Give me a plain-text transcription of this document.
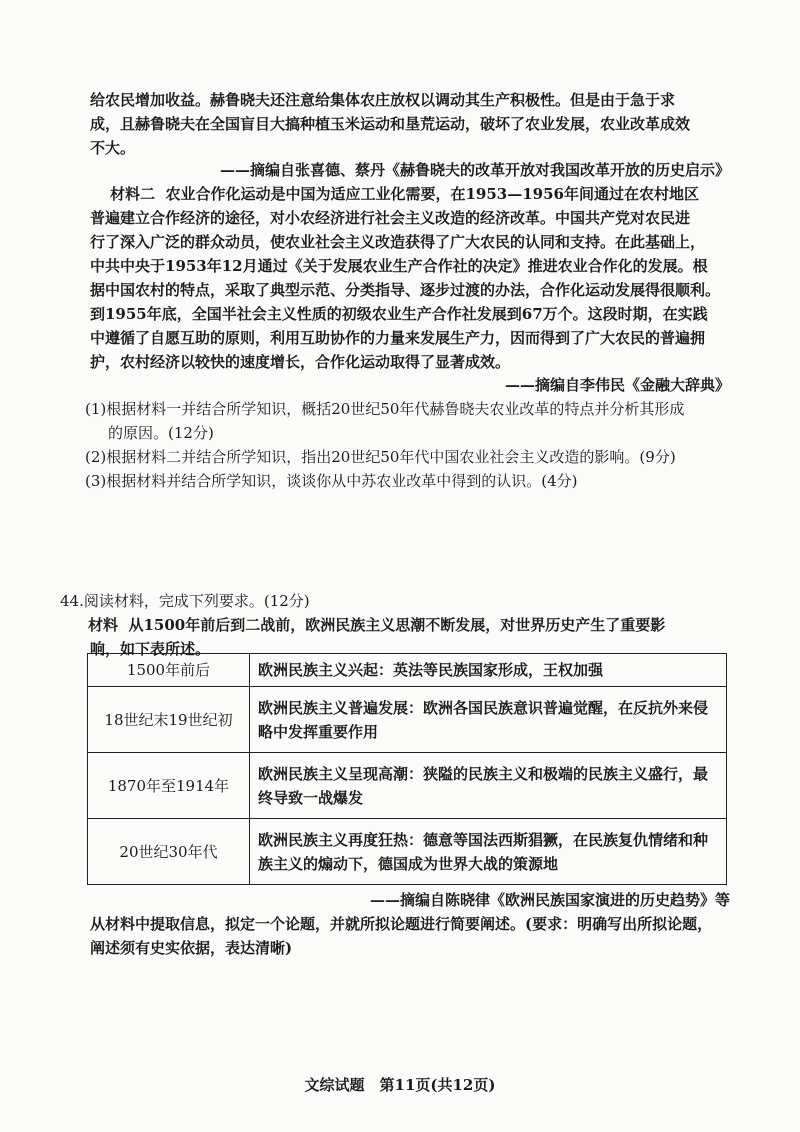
给农民增加收益。赫鲁晓夫还注意给集体农庄放权以调动其生产积极性。但是由于急于求
成，且赫鲁晓夫在全国盲目大搞种植玉米运动和垦荒运动，破坏了农业发展，农业改革成效
不大。
——摘编自张喜德、蔡丹《赫鲁晓夫的改革开放对我国改革开放的历史启示》
材料二 农业合作化运动是中国为适应工业化需要，在1953—1956年间通过在农村地区
普遍建立合作经济的途径，对小农经济进行社会主义改造的经济改革。中国共产党对农民进
行了深入广泛的群众动员，使农业社会主义改造获得了广大农民的认同和支持。在此基础上，
中共中央于1953年12月通过《关于发展农业生产合作社的决定》推进农业合作化的发展。根
据中国农村的特点，采取了典型示范、分类指导、逐步过渡的办法，合作化运动发展得很顺利。
到1955年底，全国半社会主义性质的初级农业生产合作社发展到67万个。这段时期，在实践
中遵循了自愿互助的原则，利用互助协作的力量来发展生产力，因而得到了广大农民的普遍拥
护，农村经济以较快的速度增长，合作化运动取得了显著成效。
——摘编自李伟民《金融大辞典》
(1)根据材料一并结合所学知识，概括20世纪50年代赫鲁晓夫农业改革的特点并分析其形成
的原因。(12分)
(2)根据材料二并结合所学知识，指出20世纪50年代中国农业社会主义改造的影响。(9分)
(3)根据材料并结合所学知识，谈谈你从中苏农业改革中得到的认识。(4分)
44.阅读材料，完成下列要求。(12分)
材料 从1500年前后到二战前，欧洲民族主义思潮不断发展，对世界历史产生了重要影
响，如下表所述。
1500年前后	欧洲民族主义兴起：英法等民族国家形成，王权加强
18世纪末19世纪初	欧洲民族主义普遍发展：欧洲各国民族意识普遍觉醒，在反抗外来侵略中发挥重要作用
1870年至1914年	欧洲民族主义呈现高潮：狭隘的民族主义和极端的民族主义盛行，最终导致一战爆发
20世纪30年代	欧洲民族主义再度狂热：德意等国法西斯猖獗，在民族复仇情绪和种族主义的煽动下，德国成为世界大战的策源地
——摘编自陈晓律《欧洲民族国家演进的历史趋势》等
从材料中提取信息，拟定一个论题，并就所拟论题进行简要阐述。(要求：明确写出所拟论题，
阐述须有史实依据，表达清晰)
文综试题　第11页(共12页)
